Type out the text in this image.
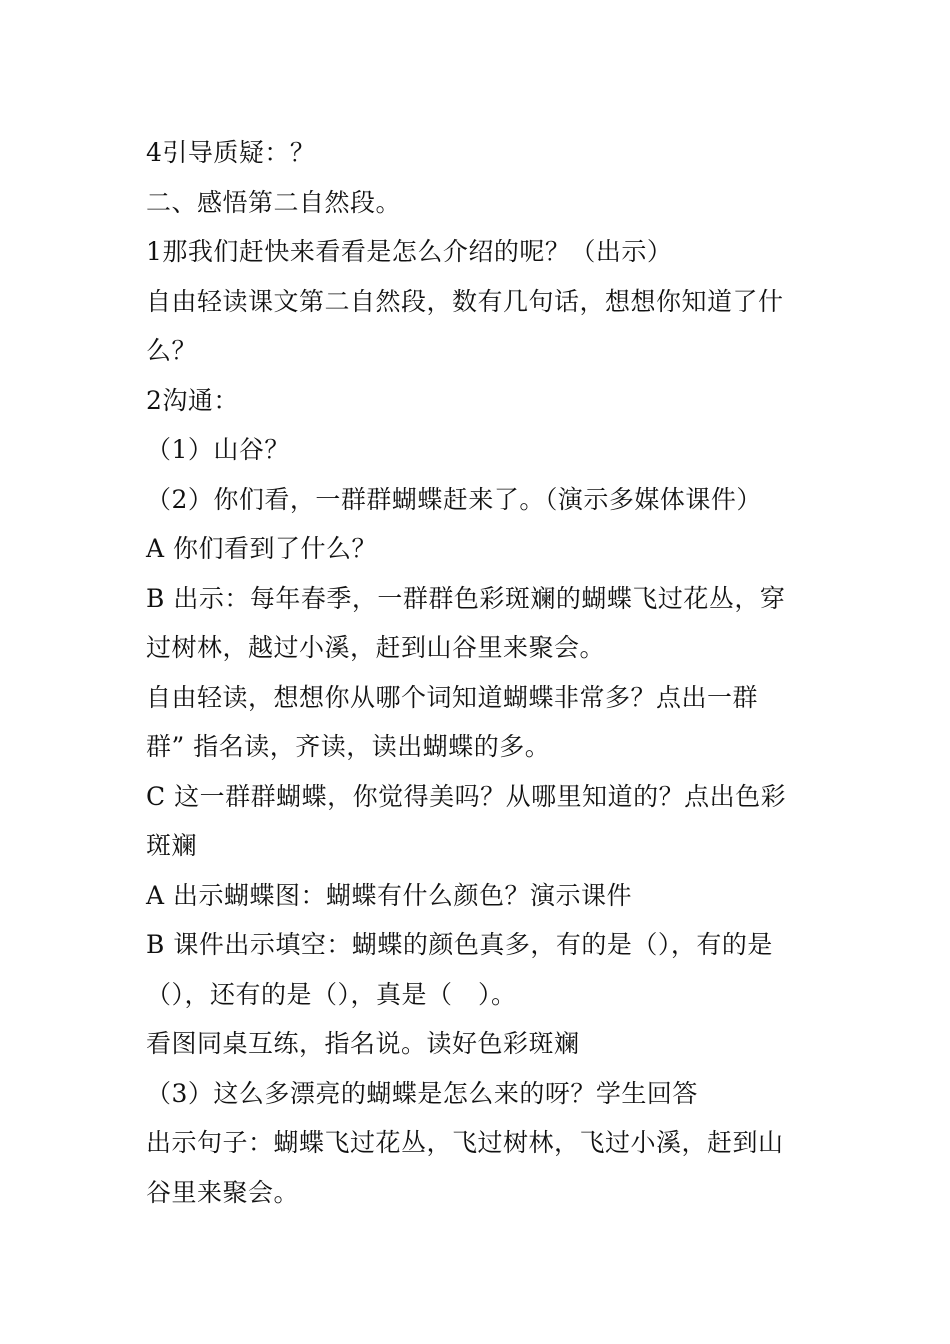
4引导质疑：？
二、感悟第二自然段。
1那我们赶快来看看是怎么介绍的呢？（出示）
自由轻读课文第二自然段，数有几句话，想想你知道了什
么？
2沟通：
（1）山谷？
（2）你们看，一群群蝴蝶赶来了。（演示多媒体课件）
A 你们看到了什么？
B 出示：每年春季，一群群色彩斑斓的蝴蝶飞过花丛，穿
过树林，越过小溪，赶到山谷里来聚会。
自由轻读，想想你从哪个词知道蝴蝶非常多？点出一群
群” 指名读，齐读，读出蝴蝶的多。
C 这一群群蝴蝶，你觉得美吗？从哪里知道的？点出色彩
斑斓
A 出示蝴蝶图：蝴蝶有什么颜色？演示课件
B 课件出示填空：蝴蝶的颜色真多，有的是（），有的是
（），还有的是（），真是（　）。
看图同桌互练，指名说。读好色彩斑斓
（3）这么多漂亮的蝴蝶是怎么来的呀？学生回答
出示句子：蝴蝶飞过花丛，飞过树林，飞过小溪，赶到山
谷里来聚会。
